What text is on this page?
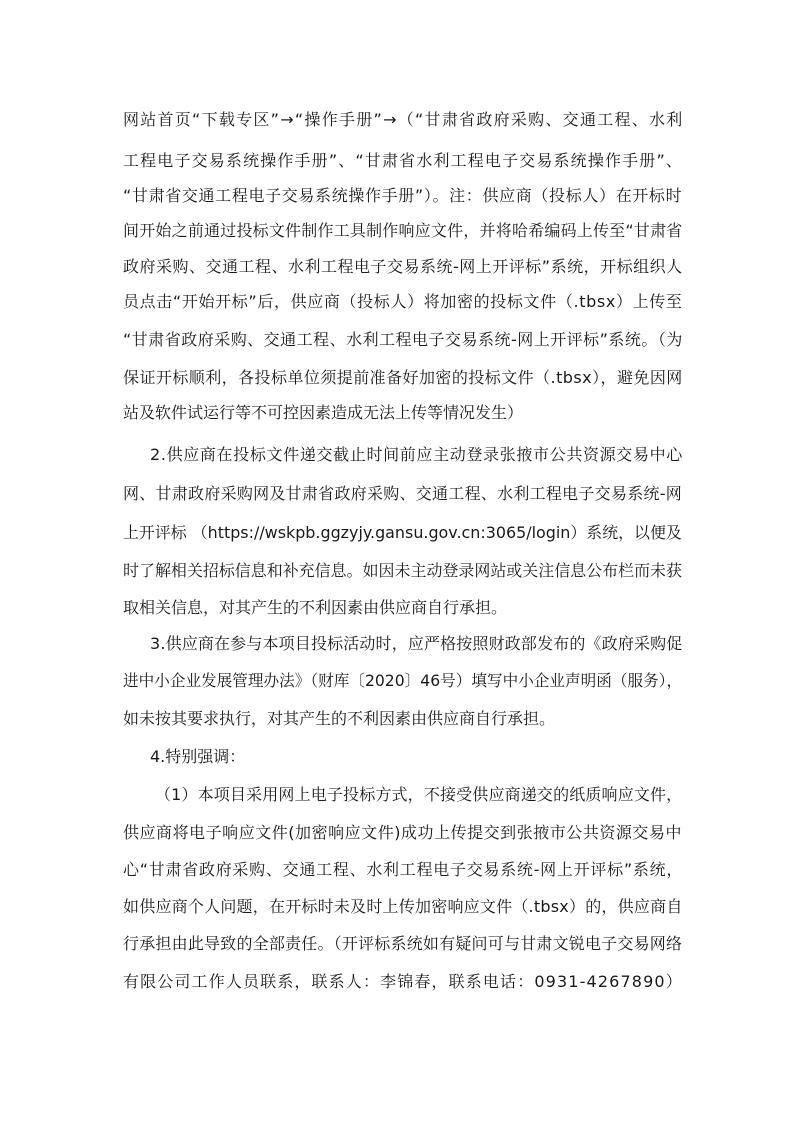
网站首页“下载专区”→“操作手册”→（“甘肃省政府采购、交通工程、水利
工程电子交易系统操作手册”、“甘肃省水利工程电子交易系统操作手册”、
“甘肃省交通工程电子交易系统操作手册”）。注：供应商（投标人）在开标时
间开始之前通过投标文件制作工具制作响应文件，并将哈希编码上传至“甘肃省
政府采购、交通工程、水利工程电子交易系统-网上开评标”系统，开标组织人
员点击“开始开标”后，供应商（投标人）将加密的投标文件（.tbsx）上传至
“甘肃省政府采购、交通工程、水利工程电子交易系统-网上开评标”系统。（为
保证开标顺利，各投标单位须提前准备好加密的投标文件（.tbsx），避免因网
站及软件试运行等不可控因素造成无法上传等情况发生）
2.供应商在投标文件递交截止时间前应主动登录张掖市公共资源交易中心
网、甘肃政府采购网及甘肃省政府采购、交通工程、水利工程电子交易系统-网
上开评标 （https://wskpb.ggzyjy.gansu.gov.cn:3065/login）系统，以便及
时了解相关招标信息和补充信息。如因未主动登录网站或关注信息公布栏而未获
取相关信息，对其产生的不利因素由供应商自行承担。
3.供应商在参与本项目投标活动时，应严格按照财政部发布的《政府采购促
进中小企业发展管理办法》（财库〔2020〕46号）填写中小企业声明函（服务），
如未按其要求执行，对其产生的不利因素由供应商自行承担。
4.特别强调：
（1）本项目采用网上电子投标方式，不接受供应商递交的纸质响应文件，
供应商将电子响应文件(加密响应文件)成功上传提交到张掖市公共资源交易中
心“甘肃省政府采购、交通工程、水利工程电子交易系统-网上开评标”系统，
如供应商个人问题，在开标时未及时上传加密响应文件（.tbsx）的，供应商自
行承担由此导致的全部责任。（开评标系统如有疑问可与甘肃文锐电子交易网络
有限公司工作人员联系，联系人：李锦春，联系电话：0931-4267890）
